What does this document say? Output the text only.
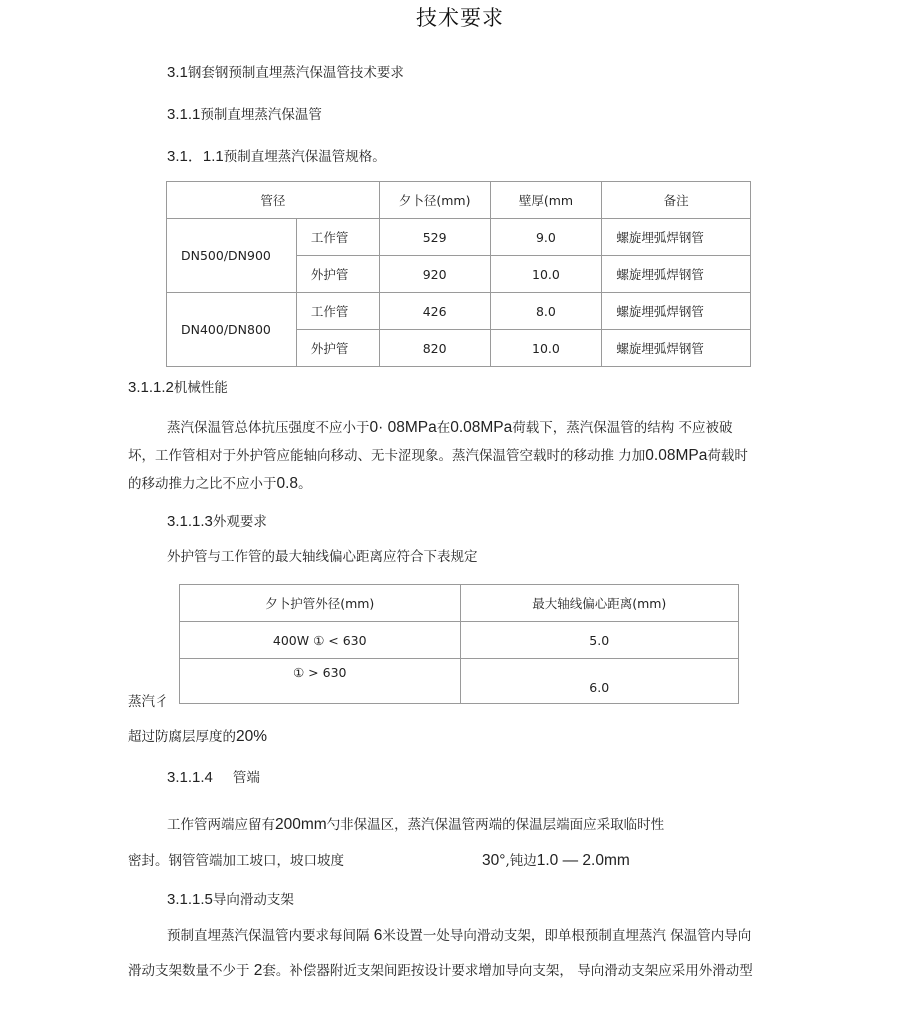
技术要求
3.1钢套钢预制直埋蒸汽保温管技术要求
3.1.1预制直埋蒸汽保温管
3.1．1.1预制直埋蒸汽保温管规格。
管径		夕卜径(mm)	壁厚(mm	备注
DN500/DN900	工作管	529	9.0	螺旋埋弧焊钢管
	外护管	920	10.0	螺旋埋弧焊钢管
DN400/DN800	工作管	426	8.0	螺旋埋弧焊钢管
	外护管	820	10.0	螺旋埋弧焊钢管
3.1.1.2机械性能
蒸汽保温管总体抗压强度不应小于0· 08MPa在0.08MPa荷载下，蒸汽保温管的结构 不应被破
坏，工作管相对于外护管应能轴向移动、无卡涩现象。蒸汽保温管空载时的移动推 力加0.08MPa荷载时
的移动推力之比不应小于0.8。
3.1.1.3外观要求
外护管与工作管的最大轴线偏心距离应符合下表规定
夕卜护管外径(mm)	最大轴线偏心距离(mm)
400W ① < 630	5.0
① > 630	6.0
蒸汽彳
超过防腐层厚度的20%
3.1.1.4 管端
工作管两端应留有200mm勺非保温区，蒸汽保温管两端的保温层端面应采取临时性
密封。钢管管端加工坡口，坡口坡度	30°,钝边1.0 — 2.0mm
3.1.1.5导向滑动支架
预制直埋蒸汽保温管内要求每间隔 6米设置一处导向滑动支架，即单根预制直埋蒸汽 保温管内导向
滑动支架数量不少于 2套。补偿器附近支架间距按设计要求增加导向支架， 导向滑动支架应采用外滑动型
